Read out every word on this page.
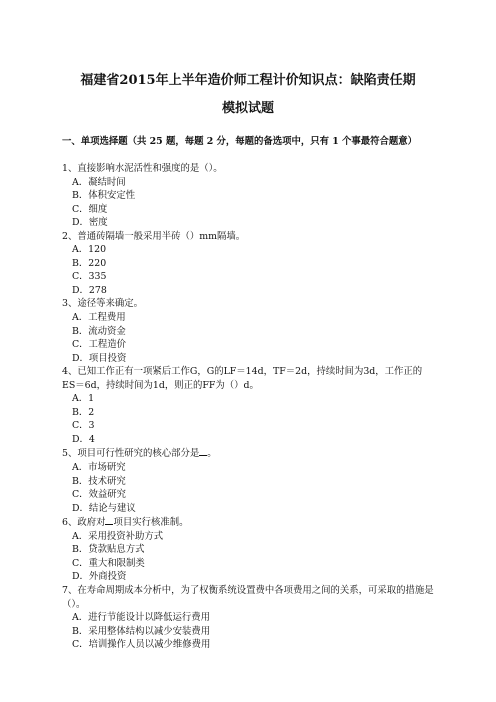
福建省2015年上半年造价师工程计价知识点：缺陷责任期
模拟试题
一、单项选择题（共 25 题，每题 2 分，每题的备选项中，只有 1 个事最符合题意）

1、直接影响水泥活性和强度的是（）。

A．凝结时间

B．体积安定性

C．细度

D．密度

2、普通砖隔墙一般采用半砖（）mm隔墙。

A．120

B．220

C．335

D．278

3、途径等来确定。

A．工程费用

B．流动资金

C．工程造价

D．项目投资

4、已知工作正有一项紧后工作G，G的LF＝14d，TF＝2d，持续时间为3d，工作正的ES＝6d，持续时间为1d，则正的FF为（）d。

A．1

B．2

C．3

D．4

5、项目可行性研究的核心部分是 。

A．市场研究

B．技术研究

C．效益研究

D．结论与建议

6、政府对 项目实行核准制。

A．采用投资补助方式

B．贷款贴息方式

C．重大和限制类

D．外商投资

7、在寿命周期成本分析中，为了权衡系统设置费中各项费用之间的关系，可采取的措施是（）。

A．进行节能设计以降低运行费用

B．采用整体结构以减少安装费用

C．培训操作人员以减少维修费用
